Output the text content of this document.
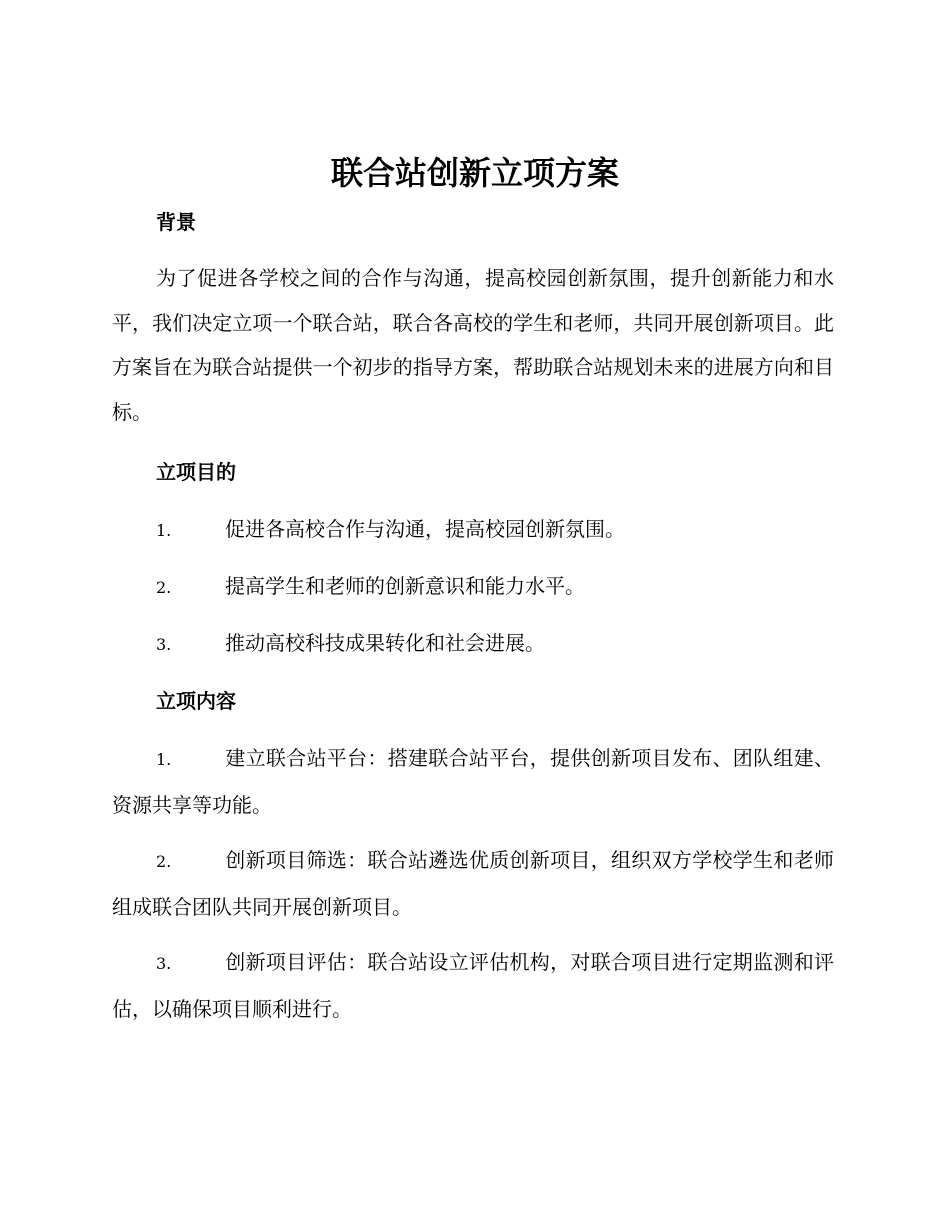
联合站创新立项方案
背景
为了促进各学校之间的合作与沟通，提高校园创新氛围，提升创新能力和水平，我们决定立项一个联合站，联合各高校的学生和老师，共同开展创新项目。此方案旨在为联合站提供一个初步的指导方案，帮助联合站规划未来的进展方向和目标。
立项目的
1.	促进各高校合作与沟通，提高校园创新氛围。
2.	提高学生和老师的创新意识和能力水平。
3.	推动高校科技成果转化和社会进展。
立项内容
1.	建立联合站平台：搭建联合站平台，提供创新项目发布、团队组建、资源共享等功能。
2.	创新项目筛选：联合站遴选优质创新项目，组织双方学校学生和老师组成联合团队共同开展创新项目。
3.	创新项目评估：联合站设立评估机构，对联合项目进行定期监测和评估，以确保项目顺利进行。
